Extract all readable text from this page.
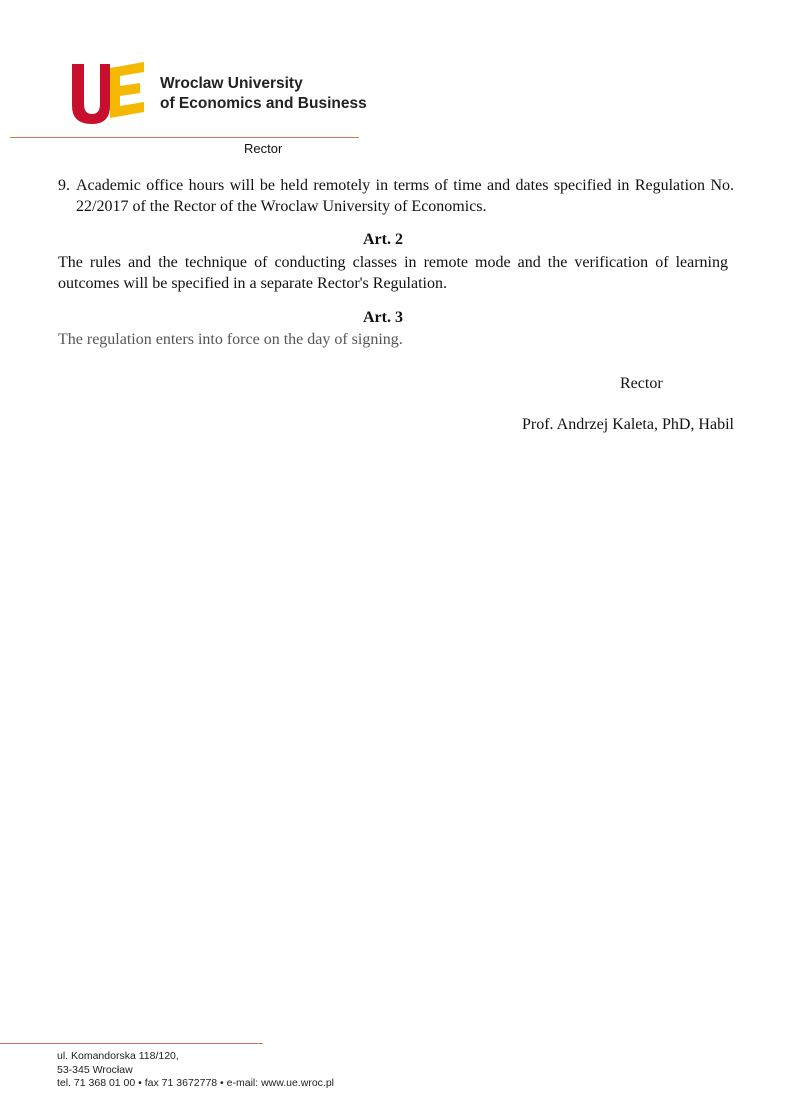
Wroclaw University
of Economics and Business
Rector
9. Academic office hours will be held remotely in terms of time and dates specified in Regulation No. 22/2017 of the Rector of the Wroclaw University of Economics.
Art. 2
The rules and the technique of conducting classes in remote mode and the verification of learning
outcomes will be specified in a separate Rector's Regulation.
Art. 3
The regulation enters into force on the day of signing.
Rector
Prof. Andrzej Kaleta, PhD, Habil
ul. Komandorska 118/120,
53-345 Wrocław
tel. 71 368 01 00 • fax 71 3672778 • e-mail: www.ue.wroc.pl
